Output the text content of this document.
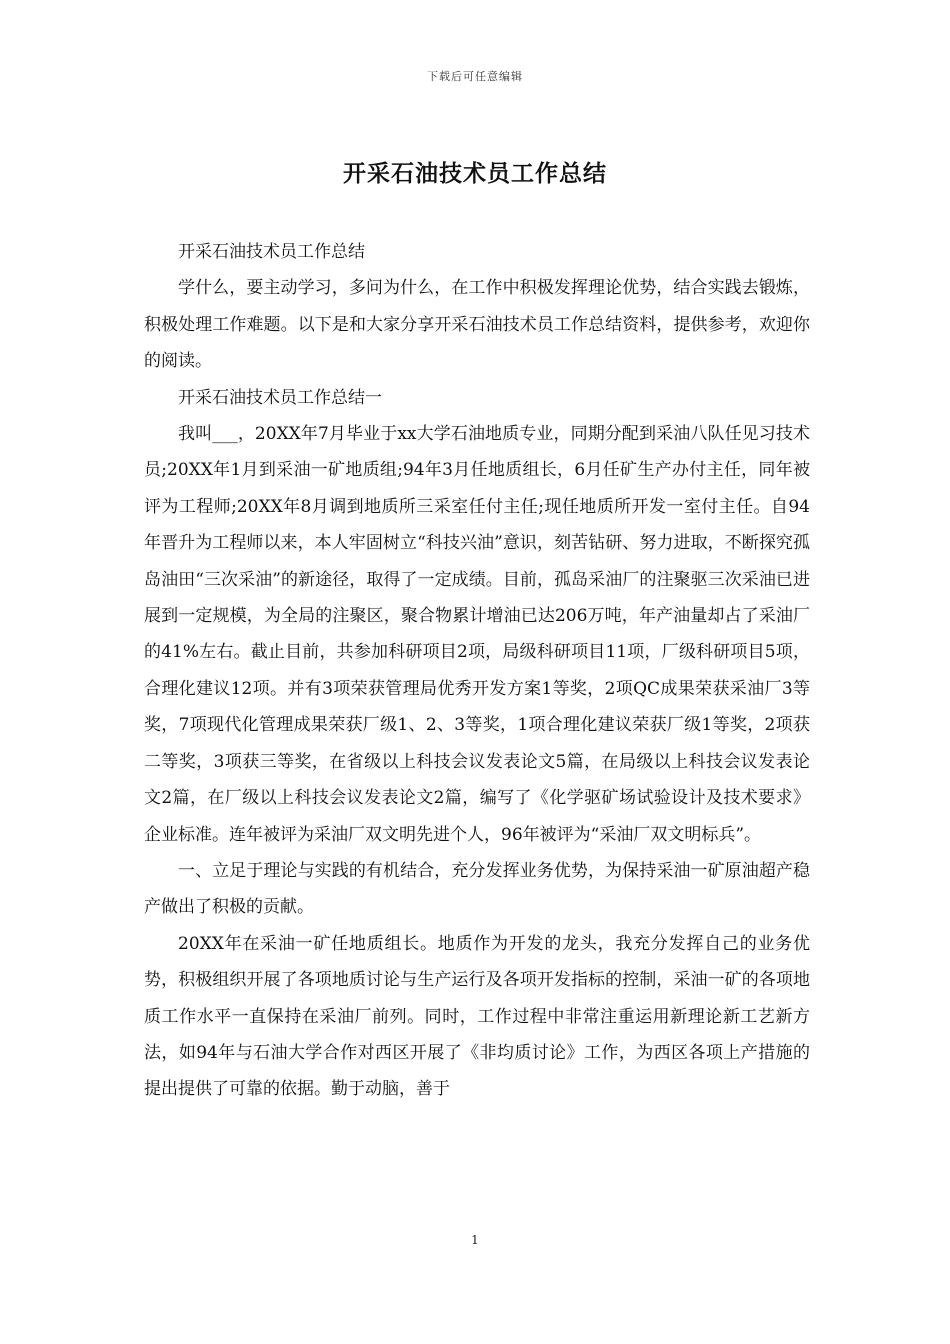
下载后可任意编辑
开采石油技术员工作总结

开采石油技术员工作总结

学什么，要主动学习，多问为什么，在工作中积极发挥理论优势，结合实践去锻炼，积极处理工作难题。以下是和大家分享开采石油技术员工作总结资料，提供参考，欢迎你的阅读。

开采石油技术员工作总结一

我叫___，20XX年7月毕业于xx大学石油地质专业，同期分配到采油八队任见习技术员;20XX年1月到采油一矿地质组;94年3月任地质组长，6月任矿生产办付主任，同年被评为工程师;20XX年8月调到地质所三采室任付主任;现任地质所开发一室付主任。自94年晋升为工程师以来，本人牢固树立“科技兴油”意识，刻苦钻研、努力进取，不断探究孤岛油田“三次采油”的新途径，取得了一定成绩。目前，孤岛采油厂的注聚驱三次采油已进展到一定规模，为全局的注聚区，聚合物累计增油已达206万吨，年产油量却占了采油厂的41%左右。截止目前，共参加科研项目2项，局级科研项目11项，厂级科研项目5项，合理化建议12项。并有3项荣获管理局优秀开发方案1等奖，2项QC成果荣获采油厂3等奖，7项现代化管理成果荣获厂级1、2、3等奖，1项合理化建议荣获厂级1等奖，2项获二等奖，3项获三等奖，在省级以上科技会议发表论文5篇，在局级以上科技会议发表论文2篇，在厂级以上科技会议发表论文2篇，编写了《化学驱矿场试验设计及技术要求》企业标准。连年被评为采油厂双文明先进个人，96年被评为“采油厂双文明标兵”。

一、立足于理论与实践的有机结合，充分发挥业务优势，为保持采油一矿原油超产稳产做出了积极的贡献。

20XX年在采油一矿任地质组长。地质作为开发的龙头，我充分发挥自己的业务优势，积极组织开展了各项地质讨论与生产运行及各项开发指标的控制，采油一矿的各项地质工作水平一直保持在采油厂前列。同时，工作过程中非常注重运用新理论新工艺新方法，如94年与石油大学合作对西区开展了《非均质讨论》工作，为西区各项上产措施的提出提供了可靠的依据。勤于动脑，善于

1
